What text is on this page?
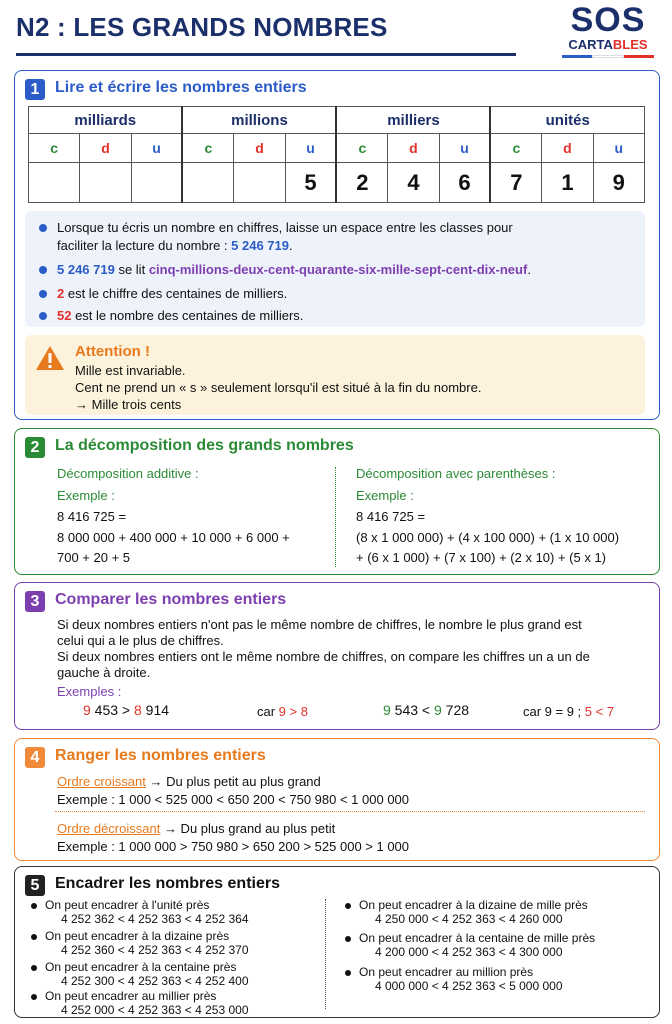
N2 : LES GRANDS NOMBRES	SOS
CARTABLES
1 Lire et écrire les nombres entiers
milliards			millions			milliers			unités		
c	d	u	c	d	u	c	d	u	c	d	u
					5	2	4	6	7	1	9
Lorsque tu écris un nombre en chiffres, laisse un espace entre les classes pour
faciliter la lecture du nombre : 5 246 719.
5 246 719 se lit cinq-millions-deux-cent-quarante-six-mille-sept-cent-dix-neuf.
2 est le chiffre des centaines de milliers.
52 est le nombre des centaines de milliers.
Attention !
Mille est invariable.
Cent ne prend un « s » seulement lorsqu'il est situé à la fin du nombre.
→ Mille trois cents
2 La décomposition des grands nombres
Décomposition additive :
Exemple :
8 416 725 =
8 000 000 + 400 000 + 10 000 + 6 000 +
700 + 20 + 5
Décomposition avec parenthèses :
Exemple :
8 416 725 =
(8 x 1 000 000) + (4 x 100 000) + (1 x 10 000)
+ (6 x 1 000) + (7 x 100) + (2 x 10) + (5 x 1)
3 Comparer les nombres entiers
Si deux nombres entiers n'ont pas le même nombre de chiffres, le nombre le plus grand est
celui qui a le plus de chiffres.
Si deux nombres entiers ont le même nombre de chiffres, on compare les chiffres un a un de
gauche à droite.
Exemples :
9 453 > 8 914	car 9 > 8	9 543 < 9 728	car 9 = 9 ; 5 < 7
4 Ranger les nombres entiers
Ordre croissant → Du plus petit au plus grand
Exemple : 1 000 < 525 000 < 650 200 < 750 980 < 1 000 000
Ordre décroissant → Du plus grand au plus petit
Exemple : 1 000 000 > 750 980 > 650 200 > 525 000 > 1 000
5 Encadrer les nombres entiers
On peut encadrer à l'unité près
4 252 362 < 4 252 363 < 4 252 364
On peut encadrer à la dizaine près
4 252 360 < 4 252 363 < 4 252 370
On peut encadrer à la centaine près
4 252 300 < 4 252 363 < 4 252 400
On peut encadrer au millier près
4 252 000 < 4 252 363 < 4 253 000
On peut encadrer à la dizaine de mille près
4 250 000 < 4 252 363 < 4 260 000
On peut encadrer à la centaine de mille près
4 200 000 < 4 252 363 < 4 300 000
On peut encadrer au million près
4 000 000 < 4 252 363 < 5 000 000
